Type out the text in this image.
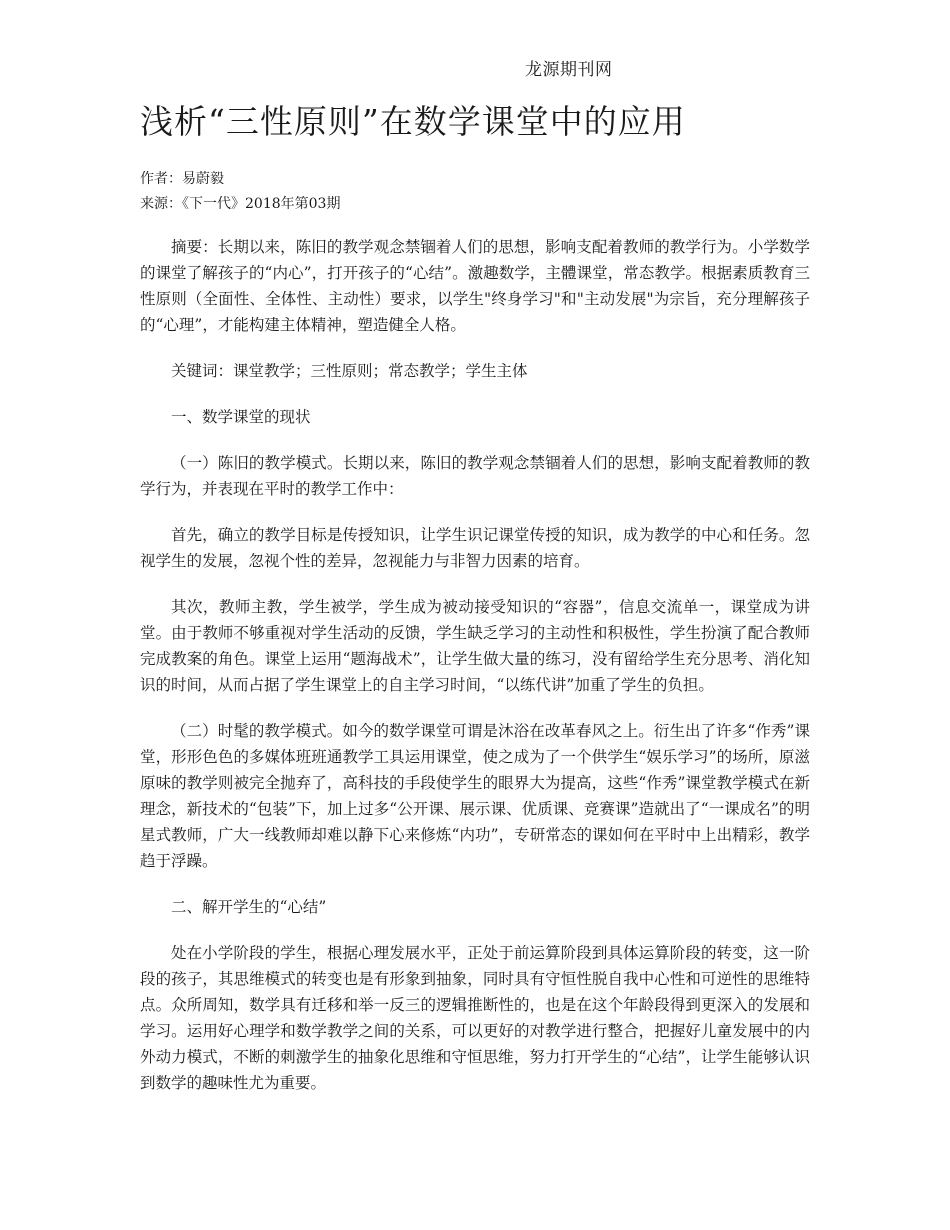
龙源期刊网
浅析“三性原则”在数学课堂中的应用
作者：易蔚毅
来源：《下一代》2018年第03期

摘要：长期以来，陈旧的教学观念禁锢着人们的思想，影响支配着教师的教学行为。小学数学的课堂了解孩子的“内心”，打开孩子的“心结”。激趣数学，主體课堂，常态教学。根据素质教育三性原则（全面性、全体性、主动性）要求，以学生"终身学习"和"主动发展"为宗旨，充分理解孩子的“心理”，才能构建主体精神，塑造健全人格。

关键词：课堂教学；三性原则；常态教学；学生主体

一、数学课堂的现状

（一）陈旧的教学模式。长期以来，陈旧的教学观念禁锢着人们的思想，影响支配着教师的教学行为，并表现在平时的教学工作中：

首先，确立的教学目标是传授知识，让学生识记课堂传授的知识，成为教学的中心和任务。忽视学生的发展，忽视个性的差异，忽视能力与非智力因素的培育。

其次，教师主教，学生被学，学生成为被动接受知识的“容器”，信息交流单一，课堂成为讲堂。由于教师不够重视对学生活动的反馈，学生缺乏学习的主动性和积极性，学生扮演了配合教师完成教案的角色。课堂上运用“题海战术”，让学生做大量的练习，没有留给学生充分思考、消化知识的时间，从而占据了学生课堂上的自主学习时间，“以练代讲”加重了学生的负担。

（二）时髦的教学模式。如今的数学课堂可谓是沐浴在改革春风之上。衍生出了许多“作秀”课堂，形形色色的多媒体班班通教学工具运用课堂，使之成为了一个供学生“娱乐学习”的场所，原滋原味的教学则被完全抛弃了，高科技的手段使学生的眼界大为提高，这些“作秀”课堂教学模式在新理念，新技术的“包装”下，加上过多“公开课、展示课、优质课、竞赛课”造就出了“一课成名”的明星式教师，广大一线教师却难以静下心来修炼“内功”，专研常态的课如何在平时中上出精彩，教学趋于浮躁。

二、解开学生的“心结”

处在小学阶段的学生，根据心理发展水平，正处于前运算阶段到具体运算阶段的转变，这一阶段的孩子，其思维模式的转变也是有形象到抽象，同时具有守恒性脱自我中心性和可逆性的思维特点。众所周知，数学具有迁移和举一反三的逻辑推断性的，也是在这个年龄段得到更深入的发展和学习。运用好心理学和数学教学之间的关系，可以更好的对教学进行整合，把握好儿童发展中的内外动力模式，不断的刺激学生的抽象化思维和守恒思维，努力打开学生的“心结”，让学生能够认识到数学的趣味性尤为重要。
